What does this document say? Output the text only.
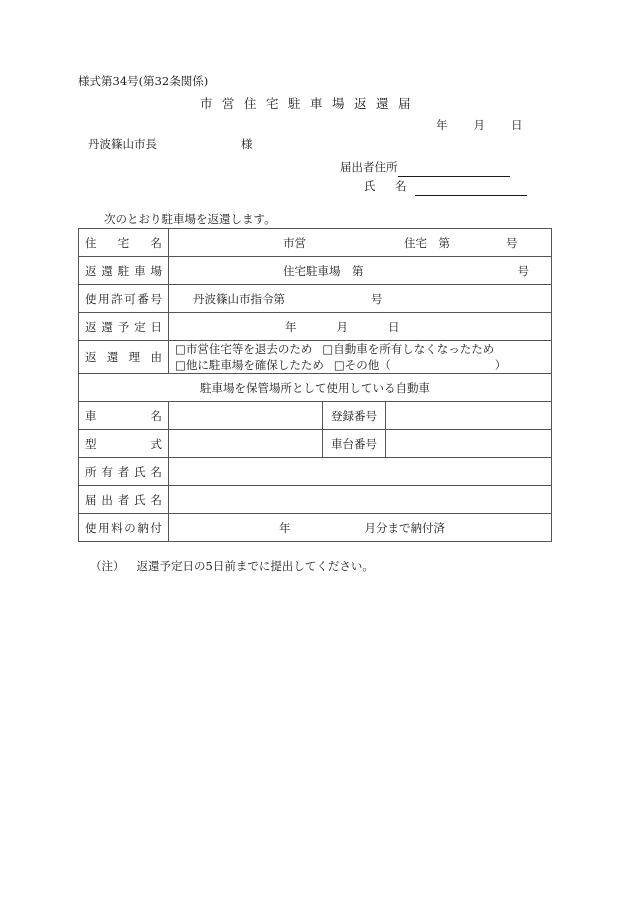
様式第34号(第32条関係)
市営住宅駐車場返還届
年 月 日
丹波篠山市長	様
届出者住所
氏　名
次のとおり駐車場を返還します。
住宅名	市営 住宅　第 号		
返還駐車場	住宅駐車場　第 号		
使用許可番号	丹波篠山市指令第 号		
返還予定日	年 月 日		
返還理由	□市営住宅等を退去のため □自動車を所有しなくなったため
□他に駐車場を確保したため □その他（ ）		

駐車場を保管場所として使用している自動車			
車名		登録番号	
型式		車台番号	
所有者氏名			
届出者氏名			
使用料の納付	年 月分まで納付済		
（注） 返還予定日の5日前までに提出してください。
